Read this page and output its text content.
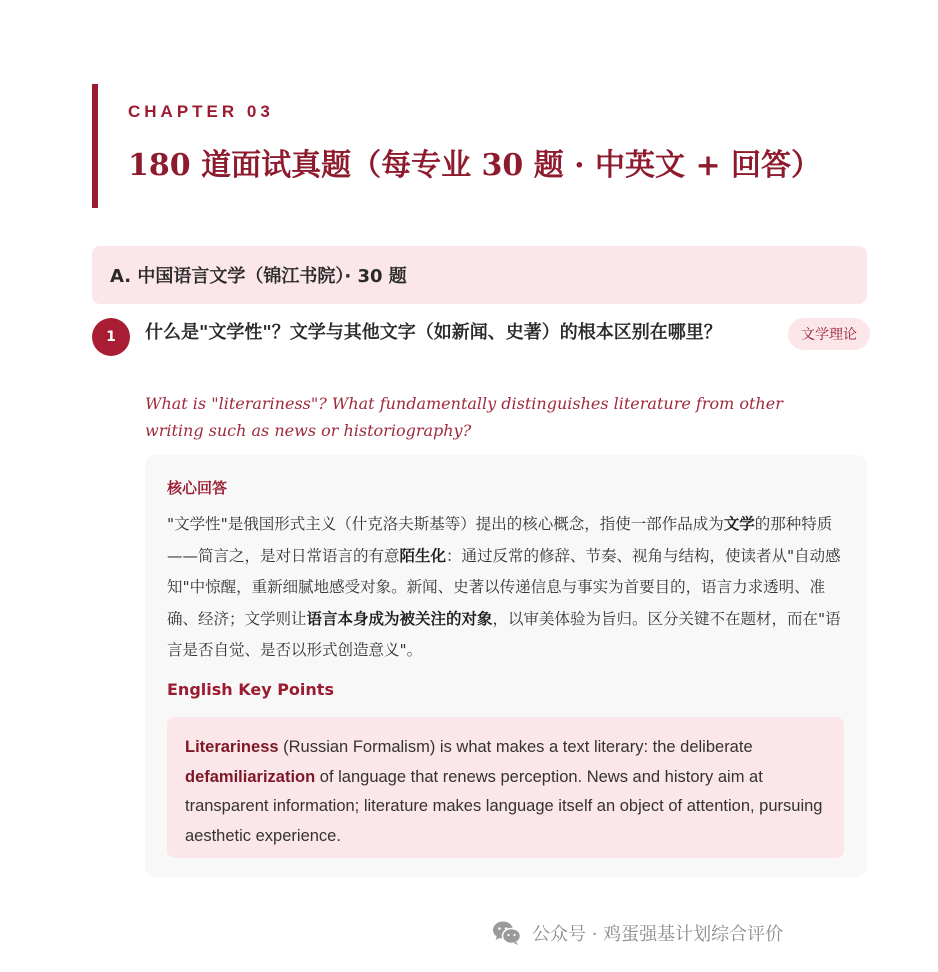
CHAPTER 03
180 道面试真题（每专业 30 题 · 中英文 + 回答）
A. 中国语言文学（锦江书院）· 30 题
1	什么是"文学性"？文学与其他文字（如新闻、史著）的根本区别在哪里？	文学理论
What is "literariness"? What fundamentally distinguishes literature from other writing such as news or historiography?
核心回答
"文学性"是俄国形式主义（什克洛夫斯基等）提出的核心概念，指使一部作品成为文学的那种特质——简言之，是对日常语言的有意陌生化：通过反常的修辞、节奏、视角与结构，使读者从"自动感知"中惊醒，重新细腻地感受对象。新闻、史著以传递信息与事实为首要目的，语言力求透明、准确、经济；文学则让语言本身成为被关注的对象，以审美体验为旨归。区分关键不在题材，而在"语言是否自觉、是否以形式创造意义"。
English Key Points
Literariness (Russian Formalism) is what makes a text literary: the deliberate defamiliarization of language that renews perception. News and history aim at transparent information; literature makes language itself an object of attention, pursuing aesthetic experience.
公众号 · 鸡蛋强基计划综合评价
